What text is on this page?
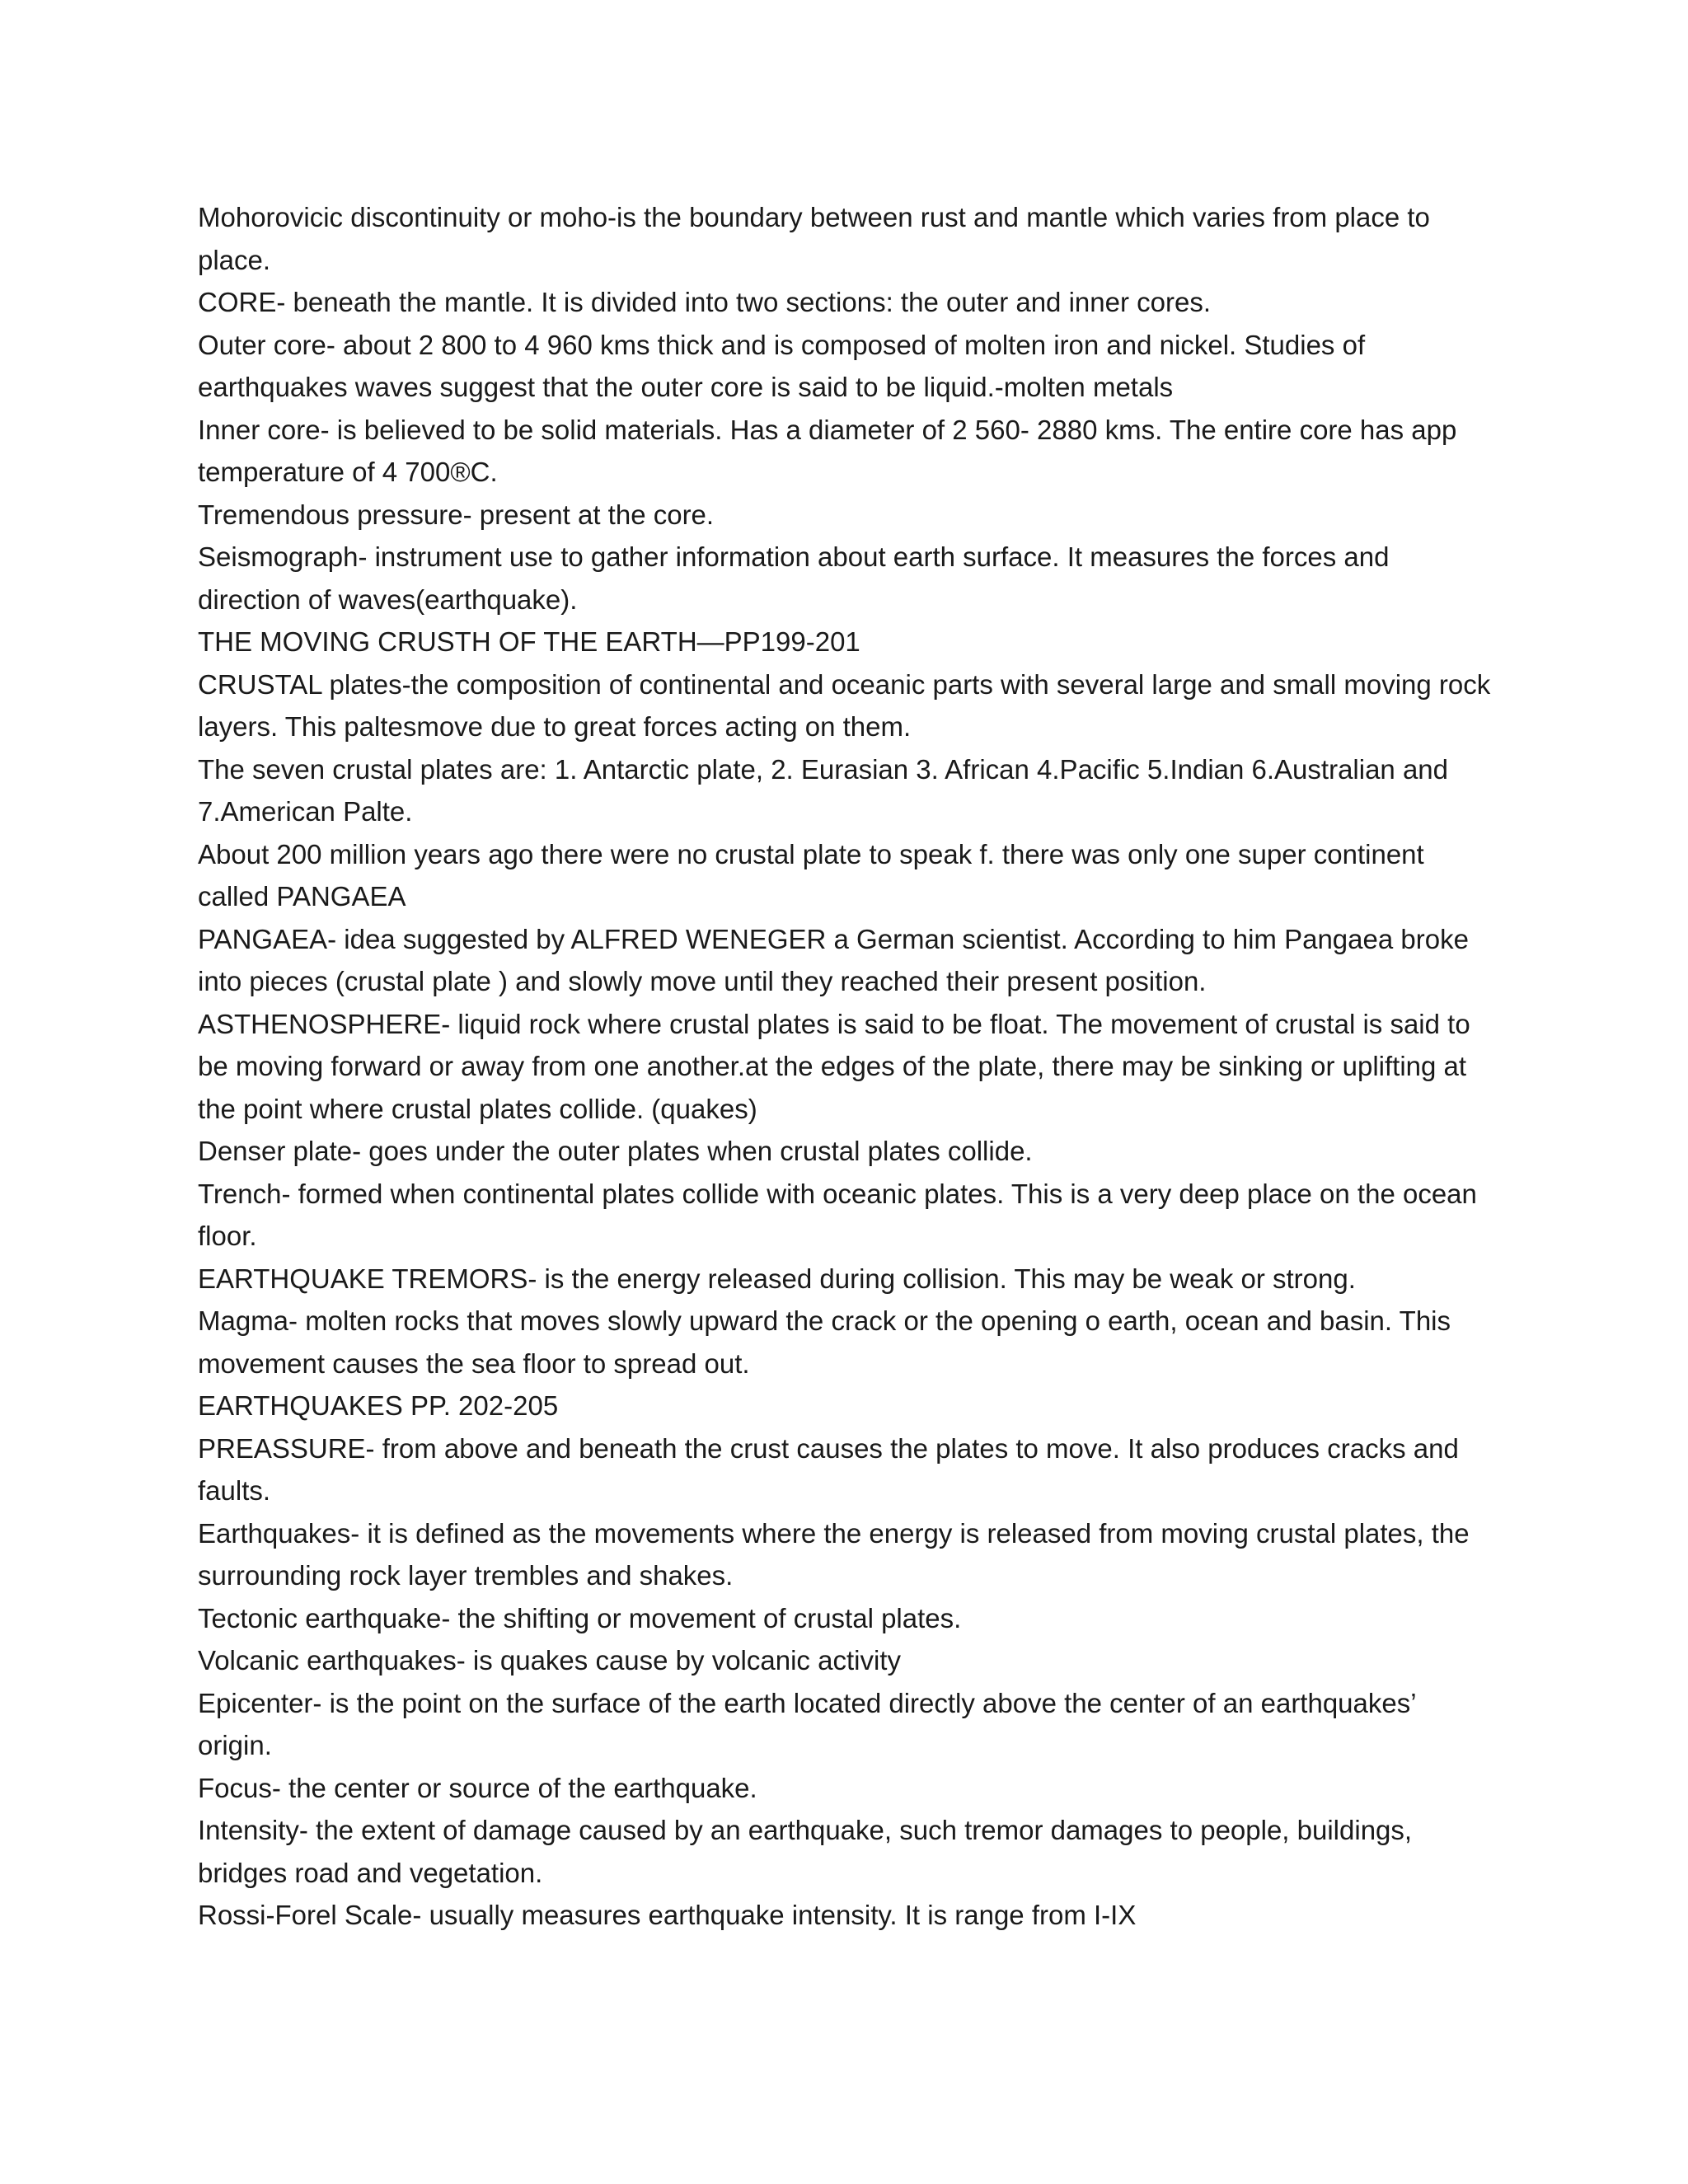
Mohorovicic discontinuity or moho-is the boundary between rust and mantle which varies from place to place.

CORE- beneath the mantle. It is divided into two sections: the outer and inner cores.

Outer core- about 2 800 to 4 960 kms thick and is composed of molten iron and nickel. Studies of earthquakes waves suggest that the outer core is said to be liquid.-molten metals

Inner core- is believed to be solid materials. Has a diameter of 2 560- 2880 kms. The entire core has app temperature of 4 700®C.

Tremendous pressure- present at the core.

Seismograph- instrument use to gather information about earth surface. It measures the forces and direction of waves(earthquake).

THE MOVING CRUSTH OF THE EARTH—PP199-201

CRUSTAL plates-the composition of continental and oceanic parts with several large and small moving rock layers. This paltesmove due to great forces acting on them.

The seven crustal plates are: 1. Antarctic plate, 2. Eurasian 3. African 4.Pacific 5.Indian 6.Australian and 7.American Palte.

About 200 million years ago there were no crustal plate to speak f. there was only one super continent called PANGAEA

PANGAEA- idea suggested by ALFRED WENEGER a German scientist. According to him Pangaea broke into pieces (crustal plate ) and slowly move until they reached their present position.

ASTHENOSPHERE- liquid rock where crustal plates is said to be float. The movement of crustal is said to be moving forward or away from one another.at the edges of the plate, there may be sinking or uplifting at the point where crustal plates collide. (quakes)

Denser plate- goes under the outer plates when crustal plates collide.

Trench- formed when continental plates collide with oceanic plates. This is a very deep place on the ocean floor.

EARTHQUAKE TREMORS- is the energy released during collision. This may be weak or strong.

Magma- molten rocks that moves slowly upward the crack or the opening o earth, ocean and basin. This movement causes the sea floor to spread out.

EARTHQUAKES PP. 202-205

PREASSURE- from above and beneath the crust causes the plates to move. It also produces cracks and faults.

Earthquakes- it is defined as the movements where the energy is released from moving crustal plates, the surrounding rock layer trembles and shakes.

Tectonic earthquake- the shifting or movement of crustal plates.

Volcanic earthquakes- is quakes cause by volcanic activity

Epicenter- is the point on the surface of the earth located directly above the center of an earthquakes’ origin.

Focus- the center or source of the earthquake.

Intensity- the extent of damage caused by an earthquake, such tremor damages to people, buildings, bridges road and vegetation.

Rossi-Forel Scale- usually measures earthquake intensity. It is range from I-IX
